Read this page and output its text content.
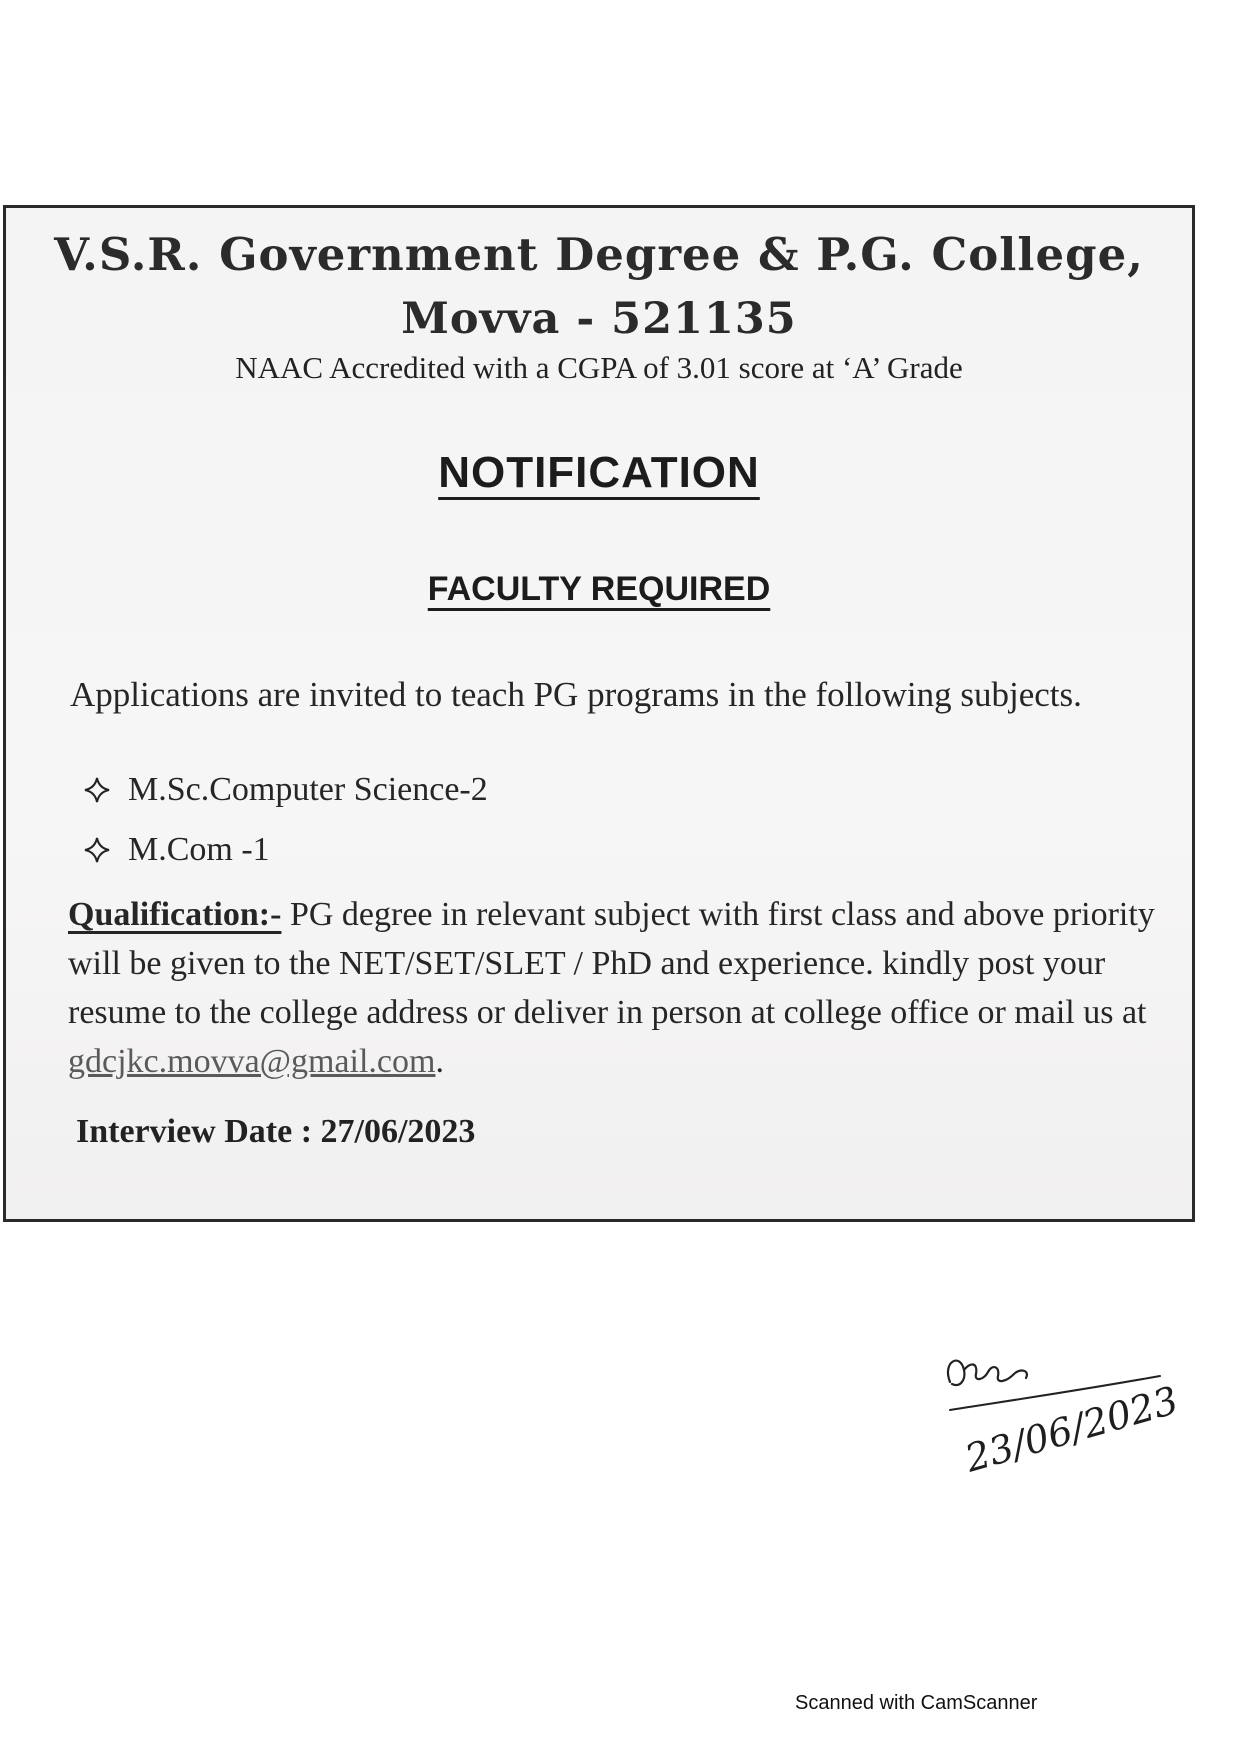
V.S.R. Government Degree & P.G. College,
Movva - 521135

NAAC Accredited with a CGPA of 3.01 score at ‘A’ Grade

NOTIFICATION
FACULTY REQUIRED

Applications are invited to teach PG programs in the following subjects.

M.Sc.Computer Science-2
M.Com -1

Qualification:- PG degree in relevant subject with first class and above priority will be given to the NET/SET/SLET / PhD and experience. kindly post your resume to the college address or deliver in person at college office or mail us at gdcjkc.movva@gmail.com.

Interview Date : 27/06/2023

23/06/2023

Scanned with CamScanner
